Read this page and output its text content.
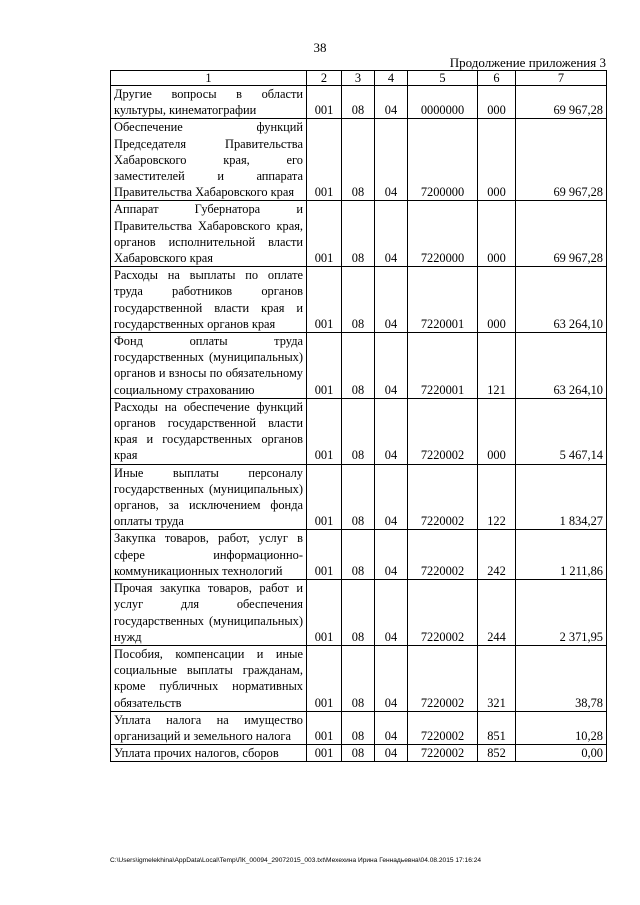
38
Продолжение приложения 3
1	2	3	4	5	6	7
Другие вопросы в области культуры, кинематографии	001	08	04	0000000	000	69 967,28
Обеспечение функций Председателя Правительства Хабаровского края, его заместителей и аппарата Правительства Хабаровского края	001	08	04	7200000	000	69 967,28
Аппарат Губернатора и Правительства Хабаровского края, органов исполнительной власти Хабаровского края	001	08	04	7220000	000	69 967,28
Расходы на выплаты по оплате труда работников органов государственной власти края и государственных органов края	001	08	04	7220001	000	63 264,10
Фонд оплаты труда государственных (муниципальных) органов и взносы по обязательному социальному страхованию	001	08	04	7220001	121	63 264,10
Расходы на обеспечение функций органов государственной власти края и государственных органов края	001	08	04	7220002	000	5 467,14
Иные выплаты персоналу государственных (муниципальных) органов, за исключением фонда оплаты труда	001	08	04	7220002	122	1 834,27
Закупка товаров, работ, услуг в сфере информационно-коммуникационных технологий	001	08	04	7220002	242	1 211,86
Прочая закупка товаров, работ и услуг для обеспечения государственных (муниципальных) нужд	001	08	04	7220002	244	2 371,95
Пособия, компенсации и иные социальные выплаты гражданам, кроме публичных нормативных обязательств	001	08	04	7220002	321	38,78
Уплата налога на имущество организаций и земельного налога	001	08	04	7220002	851	10,28
Уплата прочих налогов, сборов	001	08	04	7220002	852	0,00
C:\Users\igmelekhina\AppData\Local\Temp\ЛК_00094_29072015_003.txt\Мехехина Ирина Геннадьевна\04.08.2015 17:16:24
